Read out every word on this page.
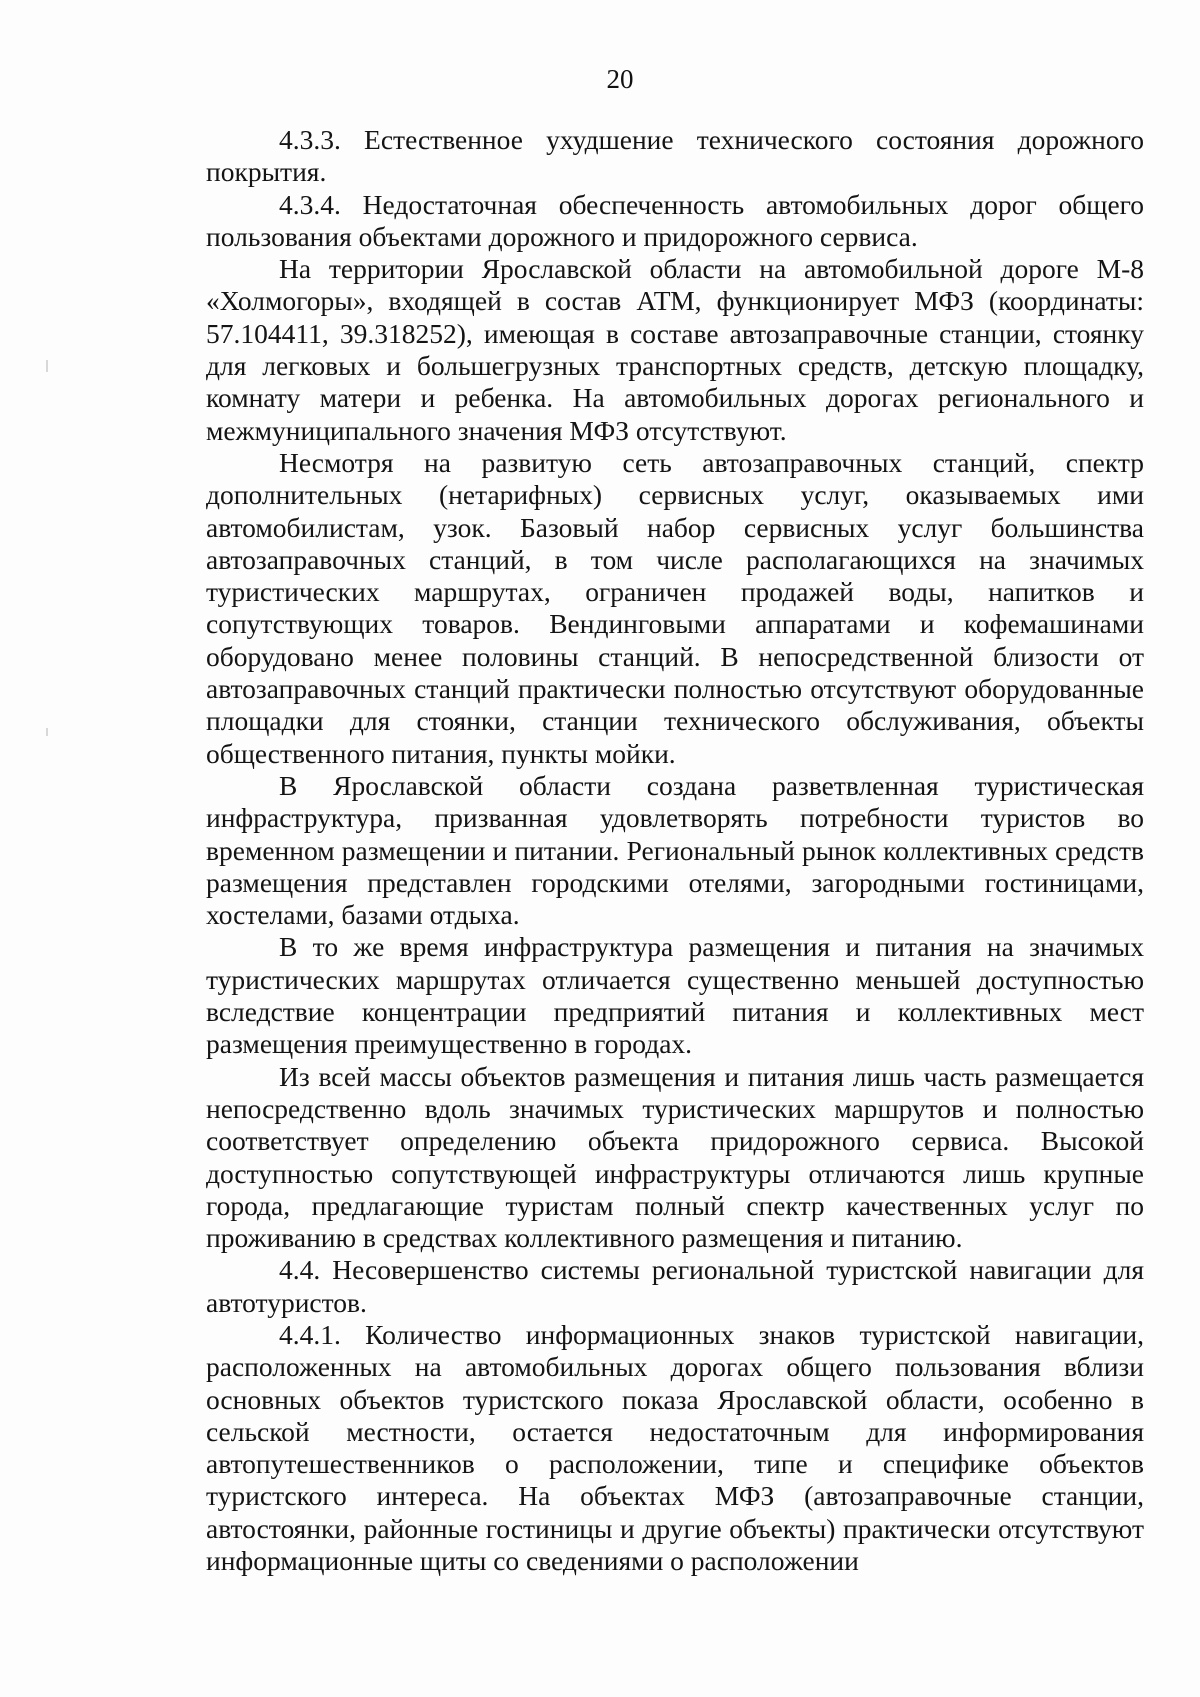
20

4.3.3. Естественное ухудшение технического состояния дорожного покрытия.

4.3.4. Недостаточная обеспеченность автомобильных дорог общего пользования объектами дорожного и придорожного сервиса.

На территории Ярославской области на автомобильной дороге М-8 «Холмогоры», входящей в состав АТМ, функционирует МФЗ (координаты: 57.104411, 39.318252), имеющая в составе автозаправочные станции, стоянку для легковых и большегрузных транспортных средств, детскую площадку, комнату матери и ребенка. На автомобильных дорогах регионального и межмуниципального значения МФЗ отсутствуют.

Несмотря на развитую сеть автозаправочных станций, спектр дополнительных (нетарифных) сервисных услуг, оказываемых ими автомобилистам, узок. Базовый набор сервисных услуг большинства автозаправочных станций, в том числе располагающихся на значимых туристических маршрутах, ограничен продажей воды, напитков и сопутствующих товаров. Вендинговыми аппаратами и кофемашинами оборудовано менее половины станций. В непосредственной близости от автозаправочных станций практически полностью отсутствуют оборудованные площадки для стоянки, станции технического обслуживания, объекты общественного питания, пункты мойки.

В Ярославской области создана разветвленная туристическая инфраструктура, призванная удовлетворять потребности туристов во временном размещении и питании. Региональный рынок коллективных средств размещения представлен городскими отелями, загородными гостиницами, хостелами, базами отдыха.

В то же время инфраструктура размещения и питания на значимых туристических маршрутах отличается существенно меньшей доступностью вследствие концентрации предприятий питания и коллективных мест размещения преимущественно в городах.

Из всей массы объектов размещения и питания лишь часть размещается непосредственно вдоль значимых туристических маршрутов и полностью соответствует определению объекта придорожного сервиса. Высокой доступностью сопутствующей инфраструктуры отличаются лишь крупные города, предлагающие туристам полный спектр качественных услуг по проживанию в средствах коллективного размещения и питанию.

4.4. Несовершенство системы региональной туристской навигации для автотуристов.

4.4.1. Количество информационных знаков туристской навигации, расположенных на автомобильных дорогах общего пользования вблизи основных объектов туристского показа Ярославской области, особенно в сельской местности, остается недостаточным для информирования автопутешественников о расположении, типе и специфике объектов туристского интереса. На объектах МФЗ (автозаправочные станции, автостоянки, районные гостиницы и другие объекты) практически отсутствуют информационные щиты со сведениями о расположении
